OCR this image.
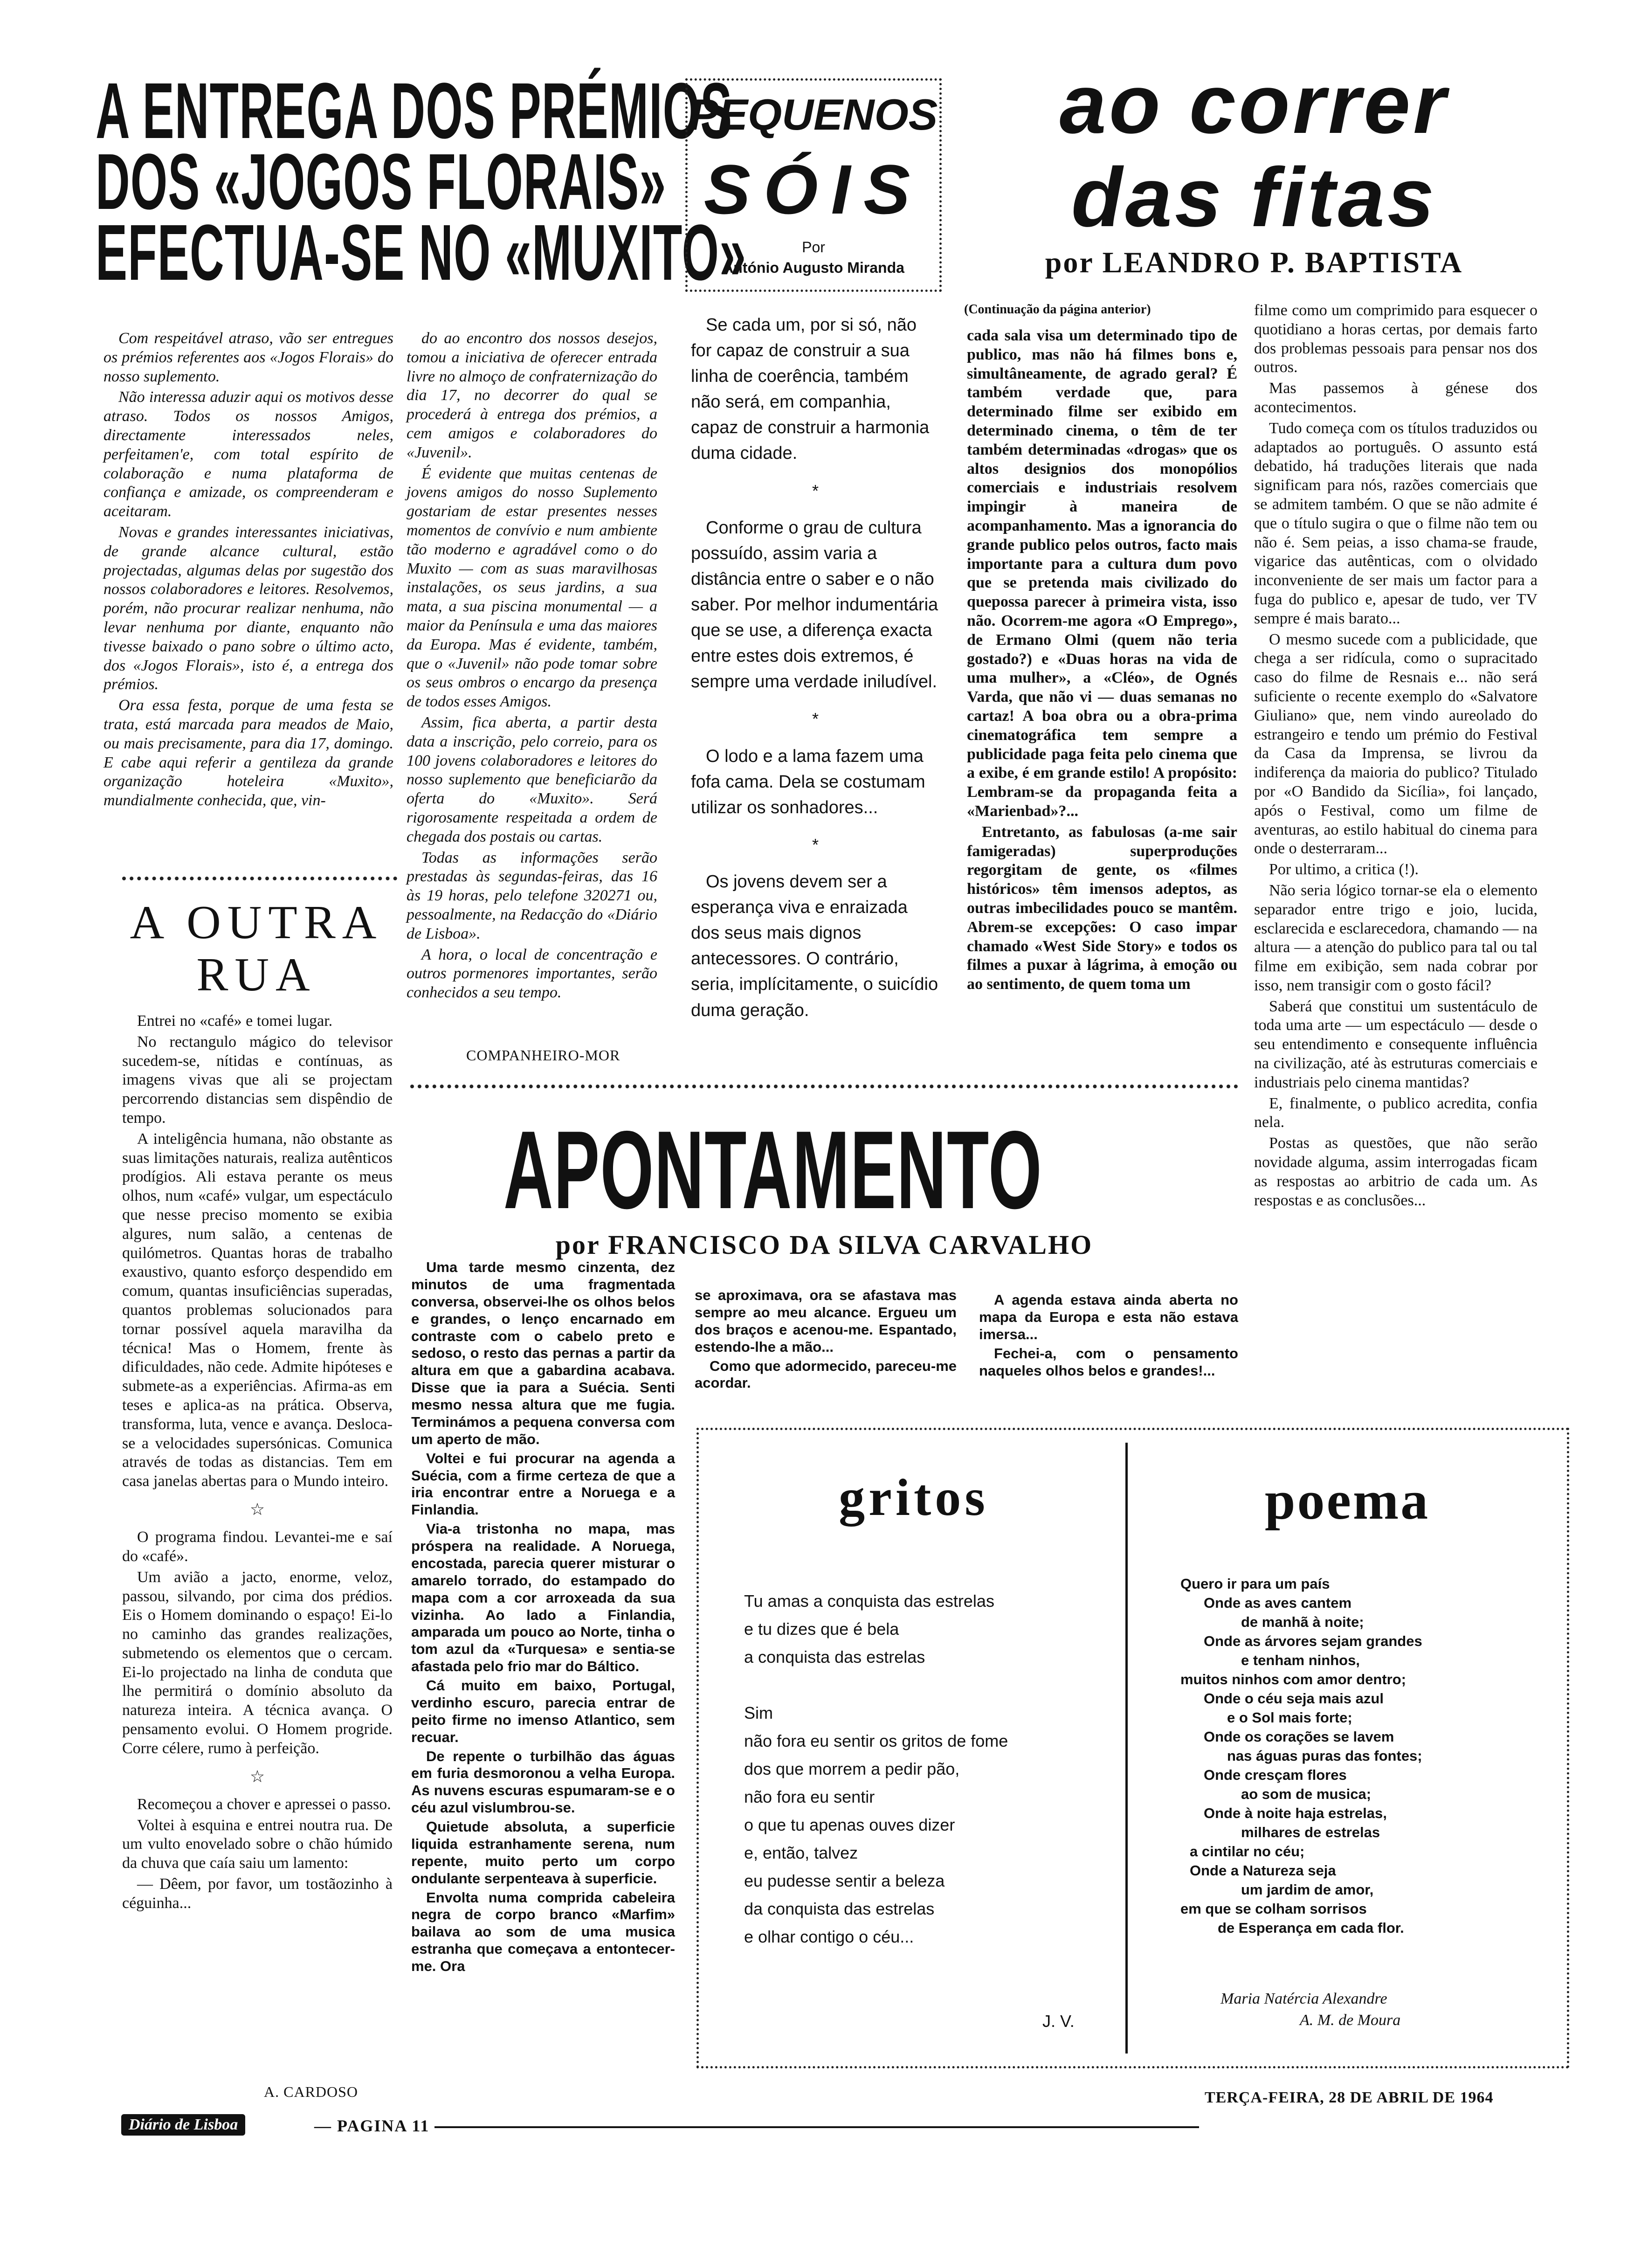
A ENTREGA DOS PRÉMIOS
DOS «JOGOS FLORAIS»
EFECTUA-SE NO «MUXITO»

Com respeitável atraso, vão ser entregues os prémios referentes aos «Jogos Florais» do nosso suplemento.

Não interessa aduzir aqui os motivos desse atraso. Todos os nossos Amigos, directamente interessados neles, perfeitamen'e, com total espírito de colaboração e numa plataforma de confiança e amizade, os compreenderam e aceitaram.

Novas e grandes interessantes iniciativas, de grande alcance cultural, estão projectadas, algumas delas por sugestão dos nossos colaboradores e leitores. Resolvemos, porém, não procurar realizar nenhuma, não levar nenhuma por diante, enquanto não tivesse baixado o pano sobre o último acto, dos «Jogos Florais», isto é, a entrega dos prémios.

Ora essa festa, porque de uma festa se trata, está marcada para meados de Maio, ou mais precisamente, para dia 17, domingo. E cabe aqui referir a gentileza da grande organização hoteleira «Muxito», mundialmente conhecida, que, vin-

do ao encontro dos nossos desejos, tomou a iniciativa de oferecer entrada livre no almoço de confraternização do dia 17, no decorrer do qual se procederá à entrega dos prémios, a cem amigos e colaboradores do «Juvenil».

É evidente que muitas centenas de jovens amigos do nosso Suplemento gostariam de estar presentes nesses momentos de convívio e num ambiente tão moderno e agradável como o do Muxito — com as suas maravilhosas instalações, os seus jardins, a sua mata, a sua piscina monumental — a maior da Península e uma das maiores da Europa. Mas é evidente, também, que o «Juvenil» não pode tomar sobre os seus ombros o encargo da presença de todos esses Amigos.

Assim, fica aberta, a partir desta data a inscrição, pelo correio, para os 100 jovens colaboradores e leitores do nosso suplemento que beneficiarão da oferta do «Muxito». Será rigorosamente respeitada a ordem de chegada dos postais ou cartas.

Todas as informações serão prestadas às segundas-feiras, das 16 às 19 horas, pelo telefone 320271 ou, pessoalmente, na Redacção do «Diário de Lisboa».

A hora, o local de concentração e outros pormenores importantes, serão conhecidos a seu tempo.

COMPANHEIRO-MOR
PEQUENOS
SÓIS
Por
António Augusto Miranda

Se cada um, por si só, não for capaz de construir a sua linha de coerência, também não será, em companhia, capaz de construir a harmonia duma cidade.

*

Conforme o grau de cultura possuído, assim varia a distância entre o saber e o não saber. Por melhor indumentária que se use, a diferença exacta entre estes dois extremos, é sempre uma verdade iniludível.

*

O lodo e a lama fazem uma fofa cama. Dela se costumam utilizar os sonhadores...

*

Os jovens devem ser a esperança viva e enraizada dos seus mais dignos antecessores. O contrário, seria, implícitamente, o suicídio duma geração.

ao correr
das fitas
por LEANDRO P. BAPTISTA
(Continuação da página anterior)

cada sala visa um determinado tipo de publico, mas não há filmes bons e, simultâneamente, de agrado geral? É também verdade que, para determinado filme ser exibido em determinado cinema, o têm de ter também determinadas «drogas» que os altos designios dos monopólios comerciais e industriais resolvem impingir à maneira de acompanhamento. Mas a ignorancia do grande publico pelos outros, facto mais importante para a cultura dum povo que se pretenda mais civilizado do quepossa parecer à primeira vista, isso não. Ocorrem-me agora «O Emprego», de Ermano Olmi (quem não teria gostado?) e «Duas horas na vida de uma mulher», a «Cléo», de Ognés Varda, que não vi — duas semanas no cartaz! A boa obra ou a obra-prima cinematográfica tem sempre a publicidade paga feita pelo cinema que a exibe, é em grande estilo! A propósito: Lembram-se da propaganda feita a «Marienbad»?...

Entretanto, as fabulosas (a-me sair famigeradas) superproduções regorgitam de gente, os «filmes históricos» têm imensos adeptos, as outras imbecilidades pouco se mantêm. Abrem-se excepções: O caso impar chamado «West Side Story» e todos os filmes a puxar à lágrima, à emoção ou ao sentimento, de quem toma um

filme como um comprimido para esquecer o quotidiano a horas certas, por demais farto dos problemas pessoais para pensar nos dos outros.

Mas passemos à génese dos acontecimentos.

Tudo começa com os títulos traduzidos ou adaptados ao português. O assunto está debatido, há traduções literais que nada significam para nós, razões comerciais que se admitem também. O que se não admite é que o título sugira o que o filme não tem ou não é. Sem peias, a isso chama-se fraude, vigarice das autênticas, com o olvidado inconveniente de ser mais um factor para a fuga do publico e, apesar de tudo, ver TV sempre é mais barato...

O mesmo sucede com a publicidade, que chega a ser ridícula, como o supracitado caso do filme de Resnais e... não será suficiente o recente exemplo do «Salvatore Giuliano» que, nem vindo aureolado do estrangeiro e tendo um prémio do Festival da Casa da Imprensa, se livrou da indiferença da maioria do publico? Titulado por «O Bandido da Sicília», foi lançado, após o Festival, como um filme de aventuras, ao estilo habitual do cinema para onde o desterraram...

Por ultimo, a critica (!).

Não seria lógico tornar-se ela o elemento separador entre trigo e joio, lucida, esclarecida e esclarecedora, chamando — na altura — a atenção do publico para tal ou tal filme em exibição, sem nada cobrar por isso, nem transigir com o gosto fácil?

Saberá que constitui um sustentáculo de toda uma arte — um espectáculo — desde o seu entendimento e consequente influência na civilização, até às estruturas comerciais e industriais pelo cinema mantidas?

E, finalmente, o publico acredita, confia nela.

Postas as questões, que não serão novidade alguma, assim interrogadas ficam as respostas ao arbitrio de cada um. As respostas e as conclusões...

A OUTRA
RUA

Entrei no «café» e tomei lugar.

No rectangulo mágico do televisor sucedem-se, nítidas e contínuas, as imagens vivas que ali se projectam percorrendo distancias sem dispêndio de tempo.

A inteligência humana, não obstante as suas limitações naturais, realiza autênticos prodígios. Ali estava perante os meus olhos, num «café» vulgar, um espectáculo que nesse preciso momento se exibia algures, num salão, a centenas de quilómetros. Quantas horas de trabalho exaustivo, quanto esforço despendido em comum, quantas insuficiências superadas, quantos problemas solucionados para tornar possível aquela maravilha da técnica! Mas o Homem, frente às dificuldades, não cede. Admite hipóteses e submete-as a experiências. Afirma-as em teses e aplica-as na prática. Observa, transforma, luta, vence e avança. Desloca-se a velocidades supersónicas. Comunica através de todas as distancias. Tem em casa janelas abertas para o Mundo inteiro.

☆

O programa findou. Levantei-me e saí do «café».

Um avião a jacto, enorme, veloz, passou, silvando, por cima dos prédios. Eis o Homem dominando o espaço! Ei-lo no caminho das grandes realizações, submetendo os elementos que o cercam. Ei-lo projectado na linha de conduta que lhe permitirá o domínio absoluto da natureza inteira. A técnica avança. O pensamento evolui. O Homem progride. Corre célere, rumo à perfeição.

☆

Recomeçou a chover e apressei o passo.

Voltei à esquina e entrei noutra rua. De um vulto enovelado sobre o chão húmido da chuva que caía saiu um lamento:

— Dêem, por favor, um tostãozinho à céguinha...

A. CARDOSO
APONTAMENTO
por FRANCISCO DA SILVA CARVALHO

Uma tarde mesmo cinzenta, dez minutos de uma fragmentada conversa, observei-lhe os olhos belos e grandes, o lenço encarnado em contraste com o cabelo preto e sedoso, o resto das pernas a partir da altura em que a gabardina acabava. Disse que ia para a Suécia. Senti mesmo nessa altura que me fugia. Terminámos a pequena conversa com um aperto de mão.

Voltei e fui procurar na agenda a Suécia, com a firme certeza de que a iria encontrar entre a Noruega e a Finlandia.

Via-a tristonha no mapa, mas próspera na realidade. A Noruega, encostada, parecia querer misturar o amarelo torrado, do estampado do mapa com a cor arroxeada da sua vizinha. Ao lado a Finlandia, amparada um pouco ao Norte, tinha o tom azul da «Turquesa» e sentia-se afastada pelo frio mar do Báltico.

Cá muito em baixo, Portugal, verdinho escuro, parecia entrar de peito firme no imenso Atlantico, sem recuar.

De repente o turbilhão das águas em furia desmoronou a velha Europa. As nuvens escuras espumaram-se e o céu azul vislumbrou-se.

Quietude absoluta, a superficie liquida estranhamente serena, num repente, muito perto um corpo ondulante serpenteava à superficie.

Envolta numa comprida cabeleira negra de corpo branco «Marfim» bailava ao som de uma musica estranha que começava a entontecer-me. Ora

se aproximava, ora se afastava mas sempre ao meu alcance. Ergueu um dos braços e acenou-me. Espantado, estendo-lhe a mão...

Como que adormecido, pareceu-me acordar.

A agenda estava ainda aberta no mapa da Europa e esta não estava imersa...

Fechei-a, com o pensamento naqueles olhos belos e grandes!...

gritos

Tu amas a conquista das estrelas

e tu dizes que é bela

a conquista das estrelas

Sim

não fora eu sentir os gritos de fome

dos que morrem a pedir pão,

não fora eu sentir

o que tu apenas ouves dizer

e, então, talvez

eu pudesse sentir a beleza

da conquista das estrelas

e olhar contigo o céu...

J. V.
poema

Quero ir para um país

Onde as aves cantem

de manhã à noite;

Onde as árvores sejam grandes

e tenham ninhos,

muitos ninhos com amor dentro;

Onde o céu seja mais azul

e o Sol mais forte;

Onde os corações se lavem

nas águas puras das fontes;

Onde cresçam flores

ao som de musica;

Onde à noite haja estrelas,

milhares de estrelas

a cintilar no céu;

Onde a Natureza seja

um jardim de amor,

em que se colham sorrisos

de Esperança em cada flor.

Maria Natércia Alexandre
A. M. de Moura
Diário de Lisboa	— PAGINA 11
TERÇA-FEIRA, 28 DE ABRIL DE 1964
